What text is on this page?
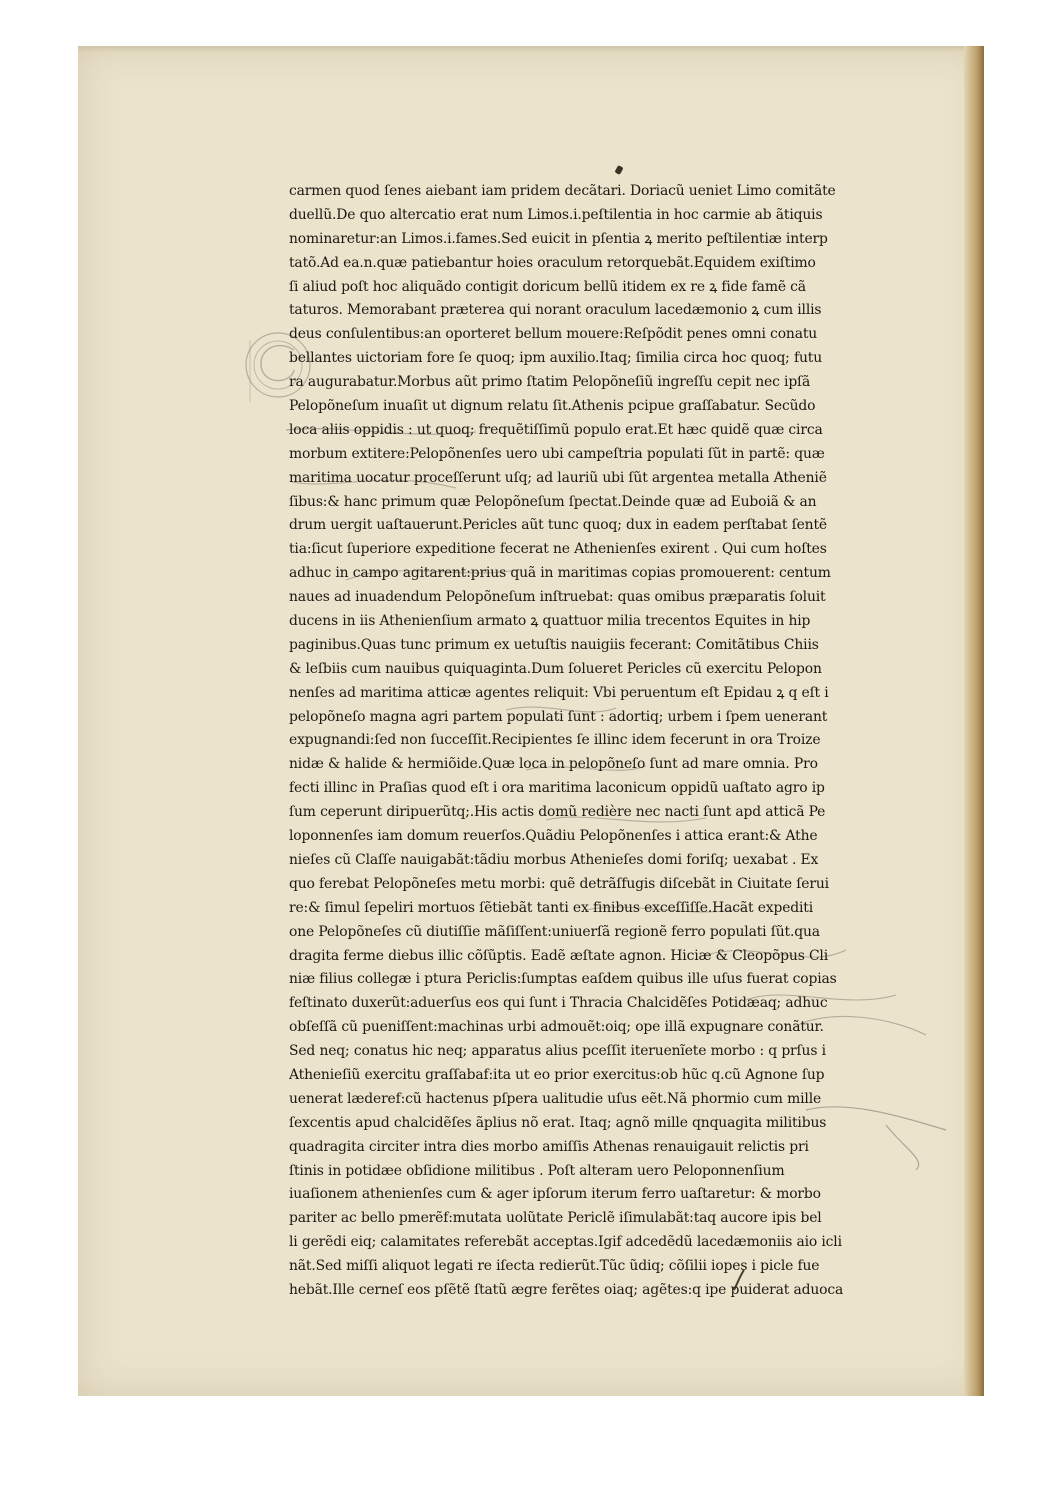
carmen quod ſenes aiebant iam pridem decãtari. Doriacũ ueniet Limo comitãte
duellũ.De quo altercatio erat num Limos.i.peſtilentia in hoc carmie ab ãtiquis
nominaretur:an Limos.i.fames.Sed euicit in pſentia ꝝ merito peſtilentiæ interp
tatõ.Ad ea.n.quæ patiebantur hoies oraculum retorquebãt.Equidem exiſtimo
ſi aliud poſt hoc aliquãdo contigit doricum bellũ itidem ex re ꝝ fide famẽ cã
taturos. Memorabant præterea qui norant oraculum lacedæmonio ꝝ cum illis
deus conſulentibus:an oporteret bellum mouere:Reſpõdit penes omni conatu
bellantes uictoriam fore ſe quoq; ipm auxilio.Itaq; ſimilia circa hoc quoq; futu
ra augurabatur.Morbus aũt primo ſtatim Pelopõneſiũ ingreſſu cepit nec ipſã
Pelopõneſum inuaſit ut dignum relatu ſit.Athenis pcipue graſſabatur. Secũdo
loca aliis oppidis : ut quoq; frequẽtiſſimũ populo erat.Et hæc quidẽ quæ circa
morbum extitere:Pelopõnenſes uero ubi campeſtria populati ſũt in partẽ: quæ
maritima uocatur proceſſerunt uſq; ad lauriũ ubi ſũt argentea metalla Atheniẽ
ſibus:& hanc primum quæ Pelopõneſum ſpectat.Deinde quæ ad Euboiã & an
drum uergit uaſtauerunt.Pericles aũt tunc quoq; dux in eadem perſtabat ſentẽ
tia:ſicut ſuperiore expeditione fecerat ne Athenienſes exirent . Qui cum hoſtes
adhuc in campo agitarent:prius quã in maritimas copias promouerent: centum
naues ad inuadendum Pelopõneſum inſtruebat: quas omibus præparatis ſoluit
ducens in iis Athenienſium armato ꝝ quattuor milia trecentos Equites in hip
paginibus.Quas tunc primum ex uetuſtis nauigiis fecerant: Comitãtibus Chiis
& leſbiis cum nauibus quiquaginta.Dum ſolueret Pericles cũ exercitu Pelopon
nenſes ad maritima atticæ agentes reliquit: Vbi peruentum eſt Epidau ꝝ q eſt i
pelopõneſo magna agri partem populati ſunt : adortiq; urbem i ſpem uenerant
expugnandi:ſed non ſucceſſit.Recipientes ſe illinc idem fecerunt in ora Troize
nidæ & halide & hermiõide.Quæ loca in pelopõneſo ſunt ad mare omnia. Pro
fecti illinc in Praſias quod eſt i ora maritima laconicum oppidũ uaſtato agro ip
ſum ceperunt diripuerũtq;.His actis domũ redière nec nacti ſunt apd atticã Pe
loponnenſes iam domum reuerſos.Quãdiu Pelopõnenſes i attica erant:& Athe
nieſes cũ Claſſe nauigabãt:tãdiu morbus Athenieſes domi foriſq; uexabat . Ex
quo ferebat Pelopõneſes metu morbi: quẽ detrãſfugis diſcebãt in Ciuitate ſerui
re:& ſimul ſepeliri mortuos ſẽtiebãt tanti ex finibus exceſſiſſe.Hacãt expediti
one Pelopõneſes cũ diutiſſie mãſiſſent:uniuerſã regionẽ ferro populati ſũt.qua
dragita ferme diebus illic cõſũptis. Eadẽ æſtate agnon. Hiciæ & Cleopõpus Cli
niæ filius collegæ i ptura Periclis:ſumptas eaſdem quibus ille uſus fuerat copias
feſtinato duxerũt:aduerſus eos qui ſunt i Thracia Chalcidẽſes Potidæaq; adhuc
obſeſſã cũ pueniſſent:machinas urbi admouẽt:oiq; ope illã expugnare conãtur.
Sed neq; conatus hic neq; apparatus alius pceſſit iteruenĩete morbo : q prſus i
Athenieſiũ exercitu graſſabaf:ita ut eo prior exercitus:ob hũc q.cũ Agnone ſup
uenerat læderef:cũ hactenus pſpera ualitudie uſus eẽt.Nã phormio cum mille
ſexcentis apud chalcidẽſes ãplius nõ erat. Itaq; agnõ mille qnquagita militibus
quadragita circiter intra dies morbo amiſſis Athenas renauigauit relictis pri
ſtinis in potidæe obſidione militibus . Poſt alteram uero Peloponnenſium
iuaſionem athenienſes cum & ager ipſorum iterum ferro uaſtaretur: & morbo
pariter ac bello pmerẽf:mutata uolũtate Periclẽ iſimulabãt:taq aucore ipis bel
li gerẽdi eiq; calamitates referebãt acceptas.Igif adcedẽdũ lacedæmoniis aio icli
nãt.Sed miſſi aliquot legati re iſecta redierũt.Tũc ũdiq; cõſilii iopes i picle fue
hebãt.Ille cerneſ eos pſẽtẽ ſtatũ ægre ferẽtes oiaq; agẽtes:q ipe puiderat aduoca
